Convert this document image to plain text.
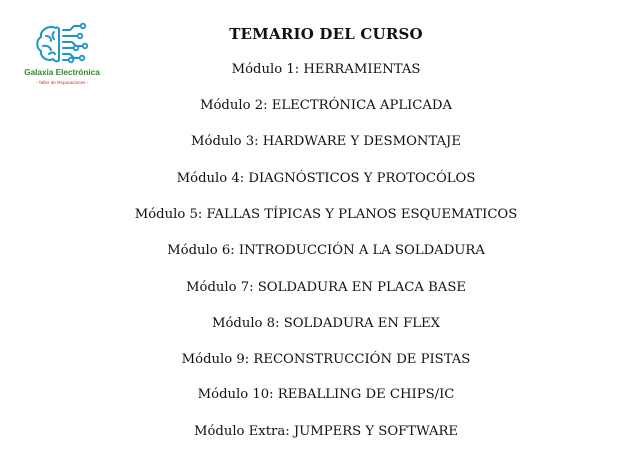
Galaxia Electrónica
- Taller de Reparaciones -
TEMARIO DEL CURSO
Módulo 1: HERRAMIENTAS
Módulo 2: ELECTRÓNICA APLICADA
Módulo 3: HARDWARE Y DESMONTAJE
Módulo 4: DIAGNÓSTICOS Y PROTOCÓLOS
Módulo 5: FALLAS TÍPICAS Y PLANOS ESQUEMATICOS
Módulo 6: INTRODUCCIÓN A LA SOLDADURA
Módulo 7: SOLDADURA EN PLACA BASE
Módulo 8: SOLDADURA EN FLEX
Módulo 9: RECONSTRUCCIÓN DE PISTAS
Módulo 10: REBALLING DE CHIPS/IC
Módulo Extra: JUMPERS Y SOFTWARE
